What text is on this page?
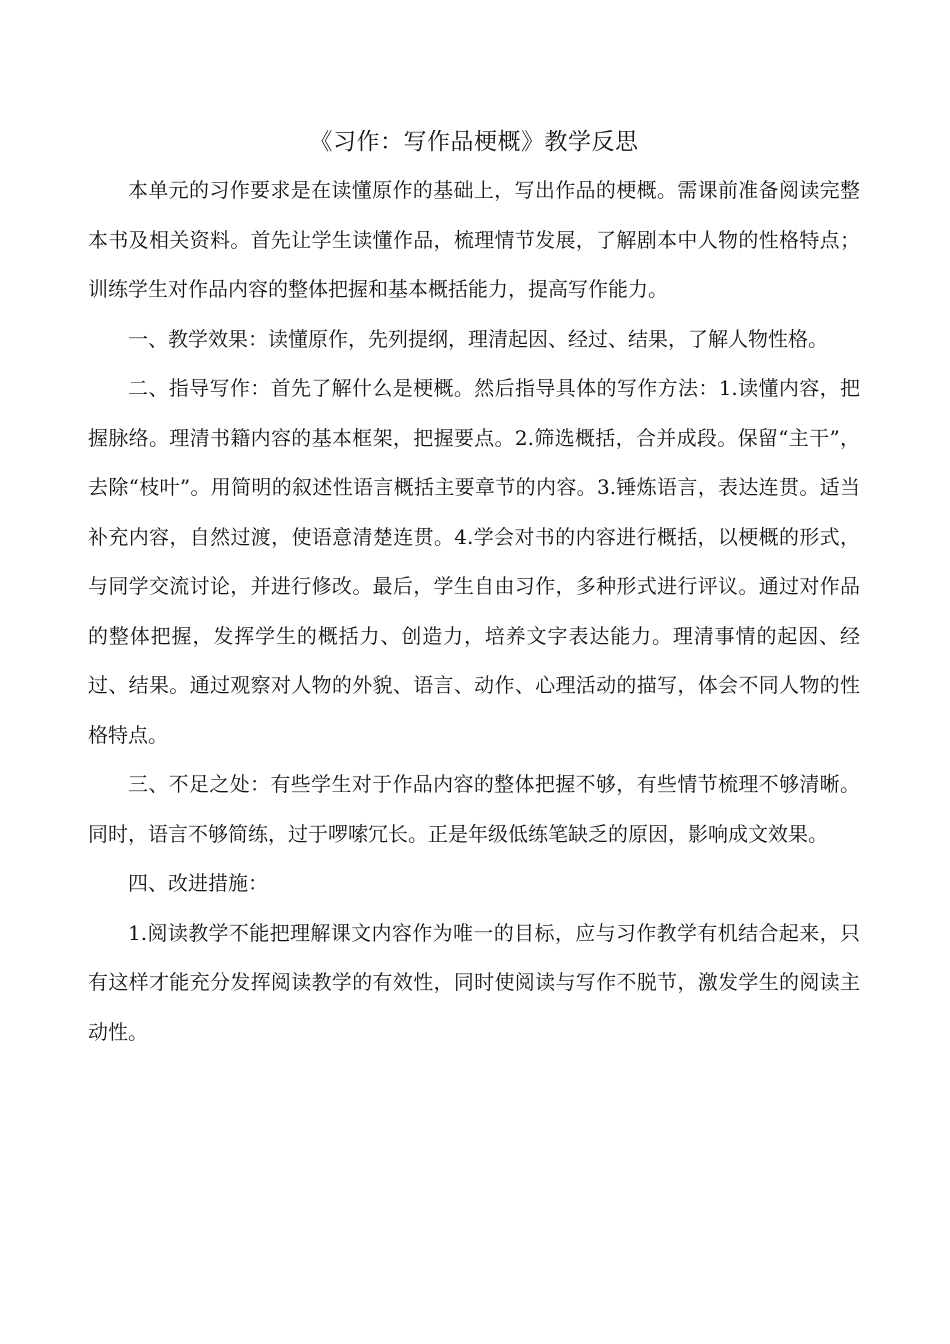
《习作：写作品梗概》教学反思

本单元的习作要求是在读懂原作的基础上，写出作品的梗概。需课前准备阅读完整本书及相关资料。首先让学生读懂作品，梳理情节发展，了解剧本中人物的性格特点；训练学生对作品内容的整体把握和基本概括能力，提高写作能力。

一、教学效果：读懂原作，先列提纲，理清起因、经过、结果，了解人物性格。

二、指导写作：首先了解什么是梗概。然后指导具体的写作方法：1.读懂内容，把握脉络。理清书籍内容的基本框架，把握要点。2.筛选概括，合并成段。保留“主干”，去除“枝叶”。用简明的叙述性语言概括主要章节的内容。3.锤炼语言，表达连贯。适当补充内容，自然过渡，使语意清楚连贯。4.学会对书的内容进行概括，以梗概的形式，与同学交流讨论，并进行修改。最后，学生自由习作，多种形式进行评议。通过对作品的整体把握，发挥学生的概括力、创造力，培养文字表达能力。理清事情的起因、经过、结果。通过观察对人物的外貌、语言、动作、心理活动的描写，体会不同人物的性格特点。

三、不足之处：有些学生对于作品内容的整体把握不够，有些情节梳理不够清晰。同时，语言不够简练，过于啰嗦冗长。正是年级低练笔缺乏的原因，影响成文效果。

四、改进措施：

1.阅读教学不能把理解课文内容作为唯一的目标，应与习作教学有机结合起来，只有这样才能充分发挥阅读教学的有效性，同时使阅读与写作不脱节，激发学生的阅读主动性。
